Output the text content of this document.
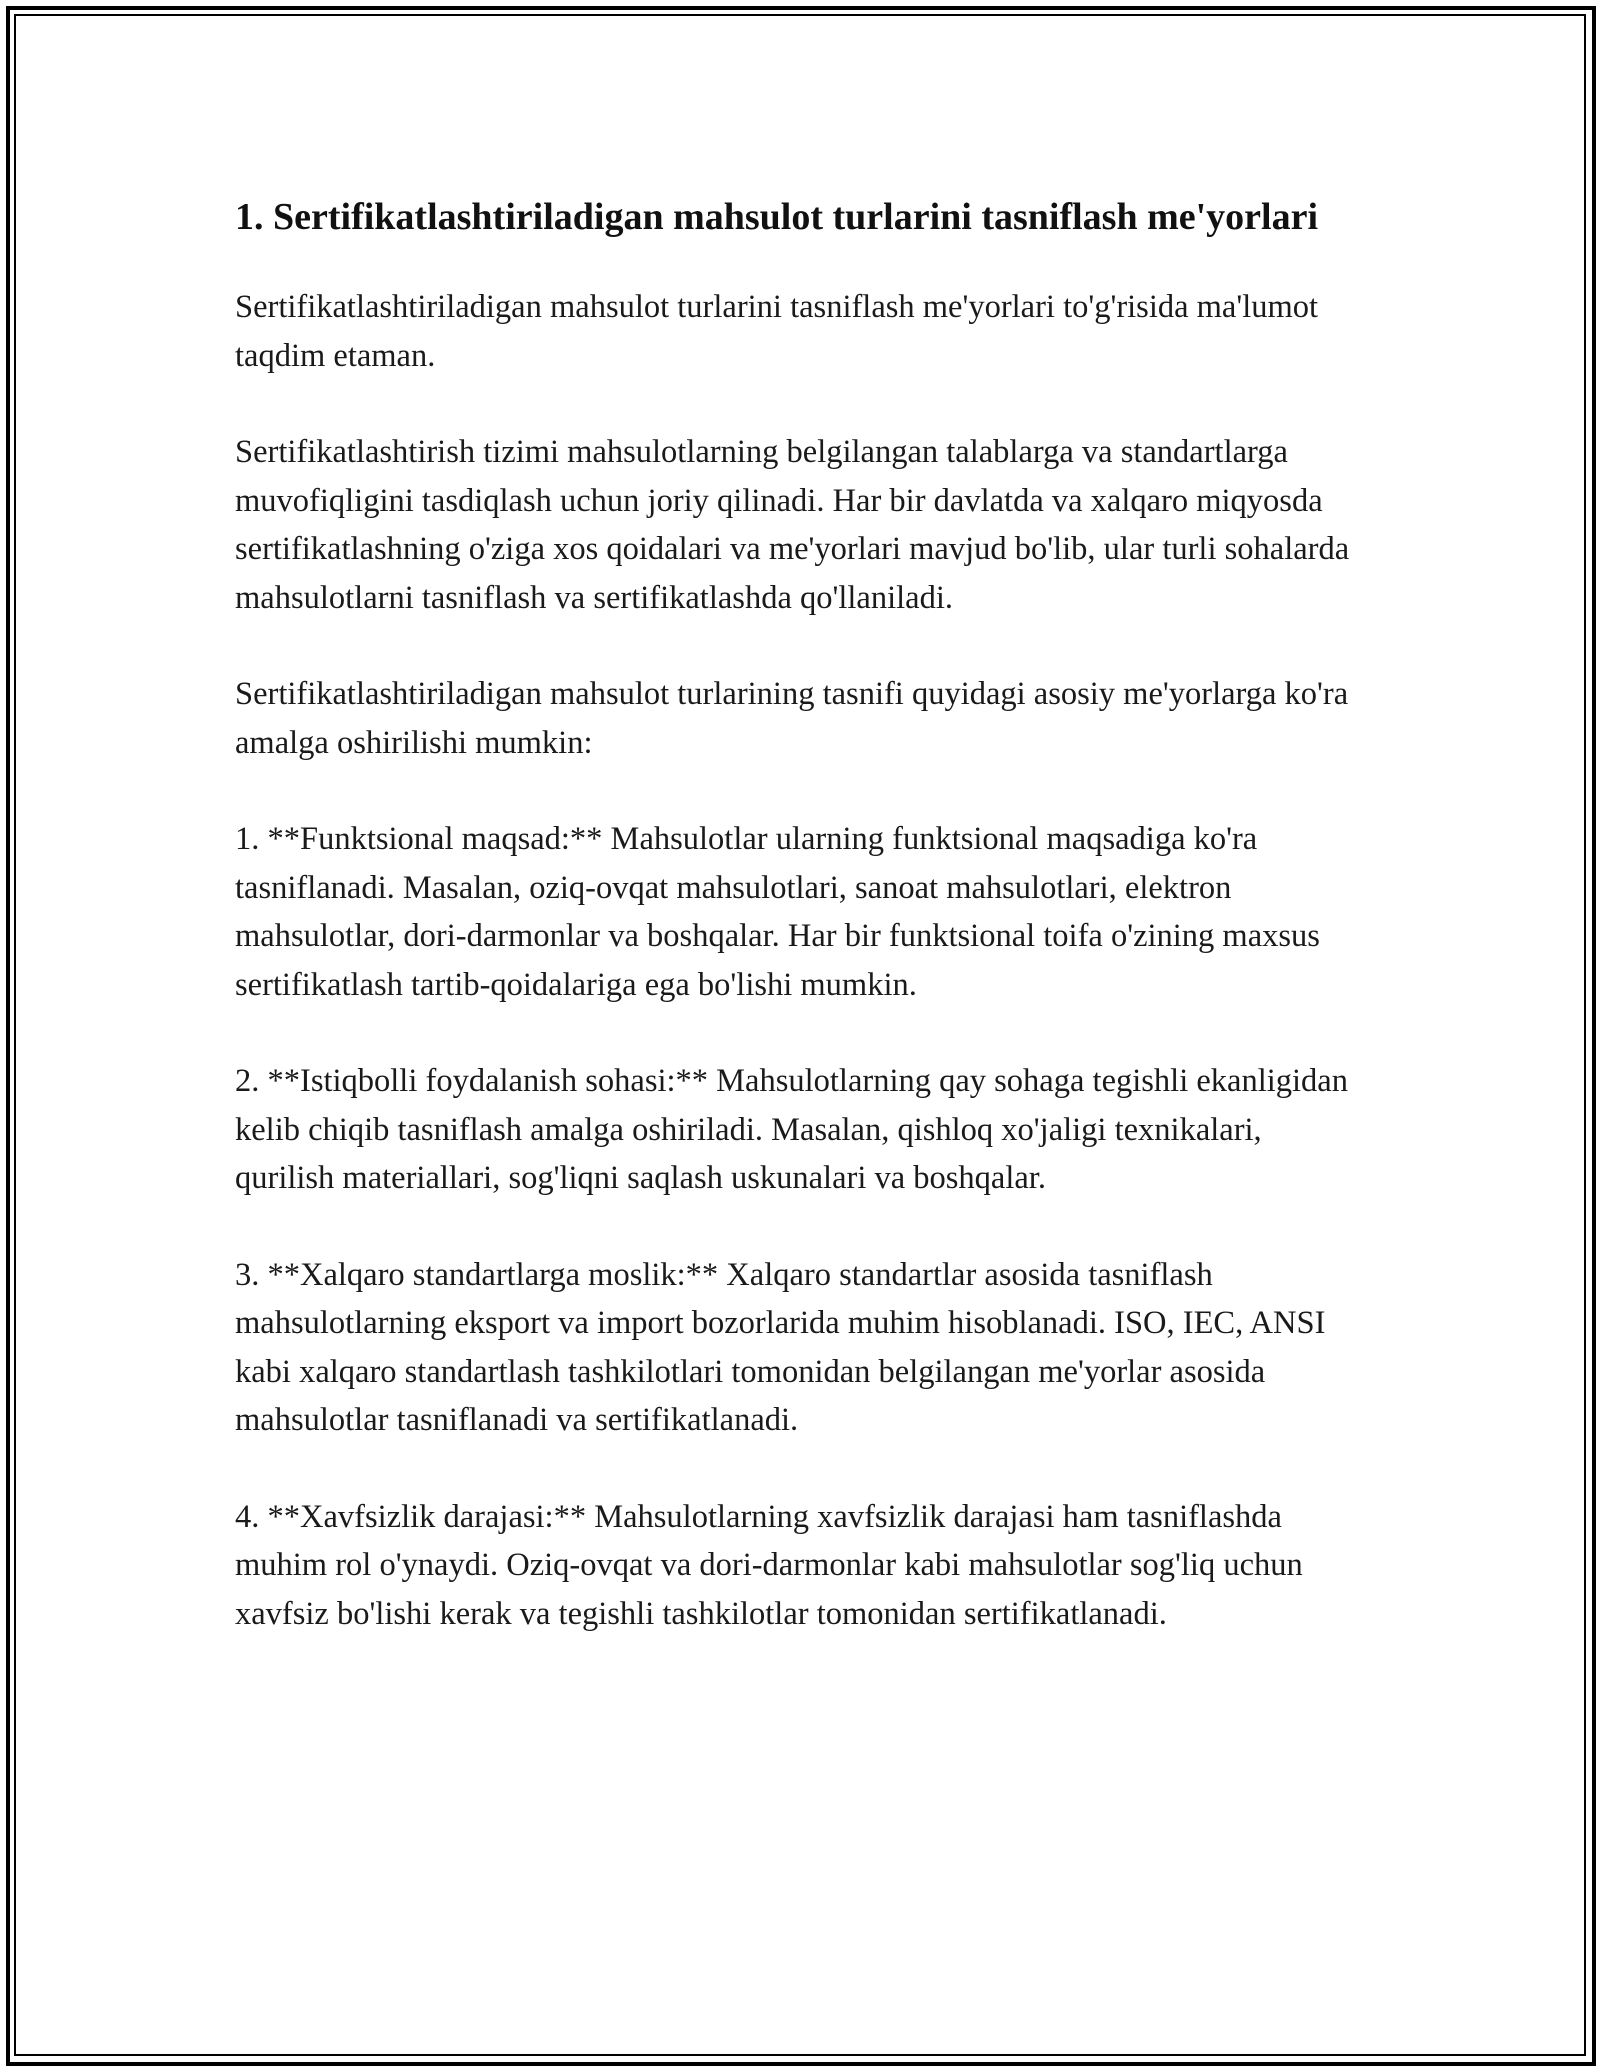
1. Sertifikatlashtiriladigan mahsulot turlarini tasniflash me'yorlari

Sertifikatlashtiriladigan mahsulot turlarini tasniflash me'yorlari to'g'risida ma'lumot taqdim etaman.

Sertifikatlashtirish tizimi mahsulotlarning belgilangan talablarga va standartlarga muvofiqligini tasdiqlash uchun joriy qilinadi. Har bir davlatda va xalqaro miqyosda sertifikatlashning o'ziga xos qoidalari va me'yorlari mavjud bo'lib, ular turli sohalarda mahsulotlarni tasniflash va sertifikatlashda qo'llaniladi.

Sertifikatlashtiriladigan mahsulot turlarining tasnifi quyidagi asosiy me'yorlarga ko'ra amalga oshirilishi mumkin:

1. **Funktsional maqsad:** Mahsulotlar ularning funktsional maqsadiga ko'ra tasniflanadi. Masalan, oziq-ovqat mahsulotlari, sanoat mahsulotlari, elektron mahsulotlar, dori-darmonlar va boshqalar. Har bir funktsional toifa o'zining maxsus sertifikatlash tartib-qoidalariga ega bo'lishi mumkin.

2. **Istiqbolli foydalanish sohasi:** Mahsulotlarning qay sohaga tegishli ekanligidan kelib chiqib tasniflash amalga oshiriladi. Masalan, qishloq xo'jaligi texnikalari, qurilish materiallari, sog'liqni saqlash uskunalari va boshqalar.

3. **Xalqaro standartlarga moslik:** Xalqaro standartlar asosida tasniflash mahsulotlarning eksport va import bozorlarida muhim hisoblanadi. ISO, IEC, ANSI kabi xalqaro standartlash tashkilotlari tomonidan belgilangan me'yorlar asosida mahsulotlar tasniflanadi va sertifikatlanadi.

4. **Xavfsizlik darajasi:** Mahsulotlarning xavfsizlik darajasi ham tasniflashda muhim rol o'ynaydi. Oziq-ovqat va dori-darmonlar kabi mahsulotlar sog'liq uchun xavfsiz bo'lishi kerak va tegishli tashkilotlar tomonidan sertifikatlanadi.
